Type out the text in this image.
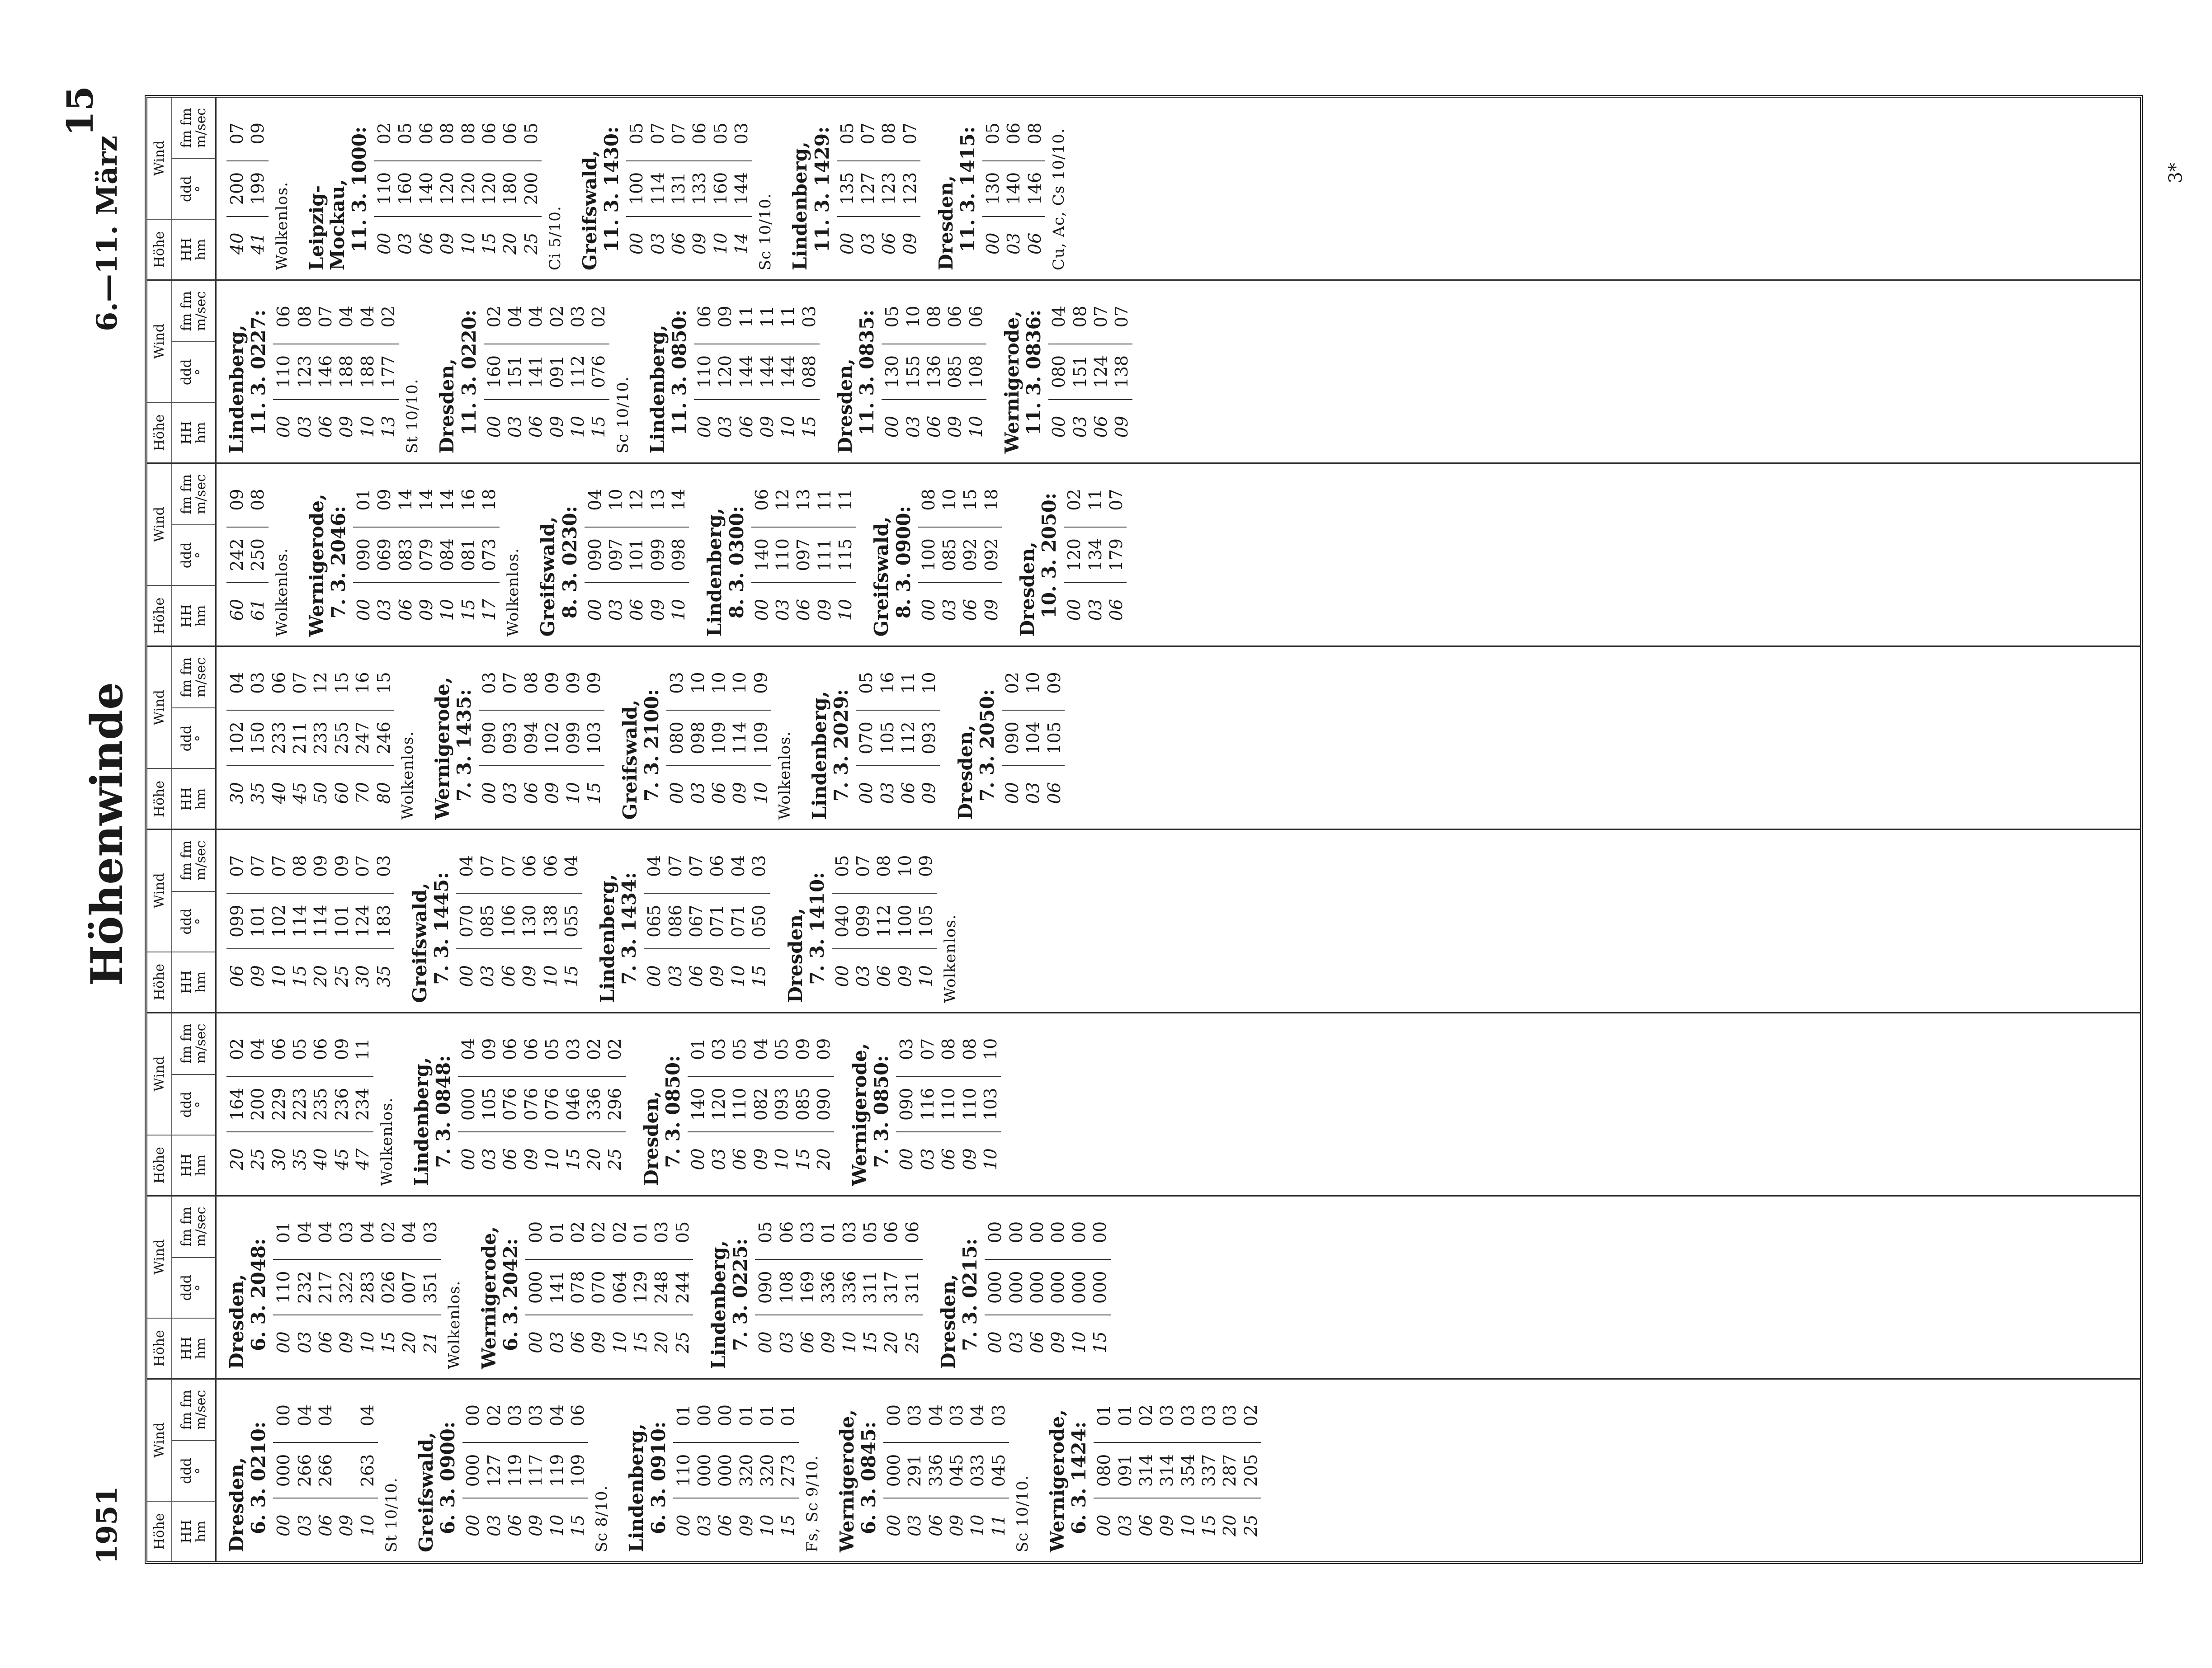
1951
Höhenwinde
6.—11. März
15
Höhe
Wind
HH
hm
ddd
°
fm fm
m/sec
Dresden, 6. 3. 0210: 00	000	00
03	266	04
06	266	04
09		
10	263	04
St 10/10. Greifswald, 6. 3. 0900: 00	000	00
03	127	02
06	119	03
09	117	03
10	119	04
15	109	06
Sc 8/10. Lindenberg, 6. 3. 0910: 00	110	01
03	000	00
06	000	00
09	320	01
10	320	01
15	273	01
Fs, Sc 9/10. Wernigerode, 6. 3. 0845: 00	000	00
03	291	03
06	336	04
09	045	03
10	033	04
11	045	03
Sc 10/10. Wernigerode, 6. 3. 1424: 00	080	01
03	091	01
06	314	02
09	314	03
10	354	03
15	337	03
20	287	03
25	205	02
Höhe
Wind
HH
hm
ddd
°
fm fm
m/sec
Dresden, 6. 3. 2048: 00	110	01
03	232	04
06	217	04
09	322	03
10	283	04
15	026	02
20	007	04
21	351	03
Wolkenlos. Wernigerode, 6. 3. 2042: 00	000	00
03	141	01
06	078	02
09	070	02
10	064	02
15	129	01
20	248	03
25	244	05
Lindenberg, 7. 3. 0225: 00	090	05
03	108	06
06	169	03
09	336	01
10	336	03
15	311	05
20	317	06
25	311	06
Dresden, 7. 3. 0215: 00	000	00
03	000	00
06	000	00
09	000	00
10	000	00
15	000	00
Höhe
Wind
HH
hm
ddd
°
fm fm
m/sec
20	164	02
25	200	04
30	229	06
35	223	05
40	235	06
45	236	09
47	234	11
Wolkenlos. Lindenberg, 7. 3. 0848: 00	000	04
03	105	09
06	076	06
09	076	06
10	076	05
15	046	03
20	336	02
25	296	02
Dresden, 7. 3. 0850: 00	140	01
03	120	03
06	110	05
09	082	04
10	093	05
15	085	09
20	090	09 Wernigerode, 7. 3. 0850: 00	090	03
03	116	07
06	110	08
09	110	08
10	103	10
Höhe
Wind
HH
hm
ddd
°
fm fm
m/sec
06	099	07
09	101	07
10	102	07
15	114	08
20	114	09
25	101	09
30	124	07
35	183	03
Greifswald, 7. 3. 1445: 00	070	04
03	085	07
06	106	07
09	130	06
10	138	06
15	055	04
Lindenberg, 7. 3. 1434: 00	065	04
03	086	07
06	067	07
09	071	06
10	071	04
15	050	03
Dresden, 7. 3. 1410: 00	040	05
03	099	07
06	112	08
09	100	10
10	105	09
Wolkenlos.
Höhe
Wind
HH
hm
ddd
°
fm fm
m/sec
30	102	04
35	150	03
40	233	06
45	211	07
50	233	12
60	255	15
70	247	16
80	246	15
Wolkenlos. Wernigerode, 7. 3. 1435: 00	090	03
03	093	07
06	094	08
09	102	09
10	099	09
15	103	09
Greifswald, 7. 3. 2100: 00	080	03
03	098	10
06	109	10
09	114	10
10	109	09
Wolkenlos. Lindenberg, 7. 3. 2029: 00	070	05
03	105	16
06	112	11
09	093	10
Dresden, 7. 3. 2050: 00	090	02
03	104	10
06	105	09
Höhe
Wind
HH
hm
ddd
°
fm fm
m/sec
60	242	09
61	250	08
Wolkenlos. Wernigerode, 7. 3. 2046: 00	090	01
03	069	09
06	083	14
09	079	14
10	084	14
15	081	16
17	073	18
Wolkenlos. Greifswald, 8. 3. 0230: 00	090	04
03	097	10
06	101	12
09	099	13
10	098	14
Lindenberg, 8. 3. 0300: 00	140	06
03	110	12
06	097	13
09	111	11
10	115	11
Greifswald, 8. 3. 0900: 00	100	08
03	085	10
06	092	15
09	092	18
Dresden, 10. 3. 2050: 00	120	02
03	134	11
06	179	07
Höhe
Wind
HH
hm
ddd
°
fm fm
m/sec
Lindenberg, 11. 3. 0227: 00	110	06
03	123	08
06	146	07
09	188	04
10	188	04
13	177	02
St 10/10. Dresden, 11. 3. 0220: 00	160	02
03	151	04
06	141	04
09	091	02
10	112	03
15	076	02
Sc 10/10. Lindenberg, 11. 3. 0850: 00	110	06
03	120	09
06	144	11
09	144	11
10	144	11
15	088	03
Dresden, 11. 3. 0835: 00	130	05
03	155	10
06	136	08
09	085	06
10	108	06 Wernigerode, 11. 3. 0836: 00	080	04
03	151	08
06	124	07
09	138	07
Höhe
Wind
HH
hm
ddd
°
fm fm
m/sec
40	200	07
41	199	09
Wolkenlos. Leipzig-Mockau, 11. 3. 1000: 00	110	02
03	160	05
06	140	06
09	120	08
10	120	08
15	120	06
20	180	06
25	200	05
Ci 5/10. Greifswald, 11. 3. 1430: 00	100	05
03	114	07
06	131	07
09	133	06
10	160	05
14	144	03
Sc 10/10. Lindenberg, 11. 3. 1429: 00	135	05
03	127	07
06	123	08
09	123	07
Dresden, 11. 3. 1415: 00	130	05
03	140	06
06	146	08 Cu, Ac, Cs 10/10.	3*
